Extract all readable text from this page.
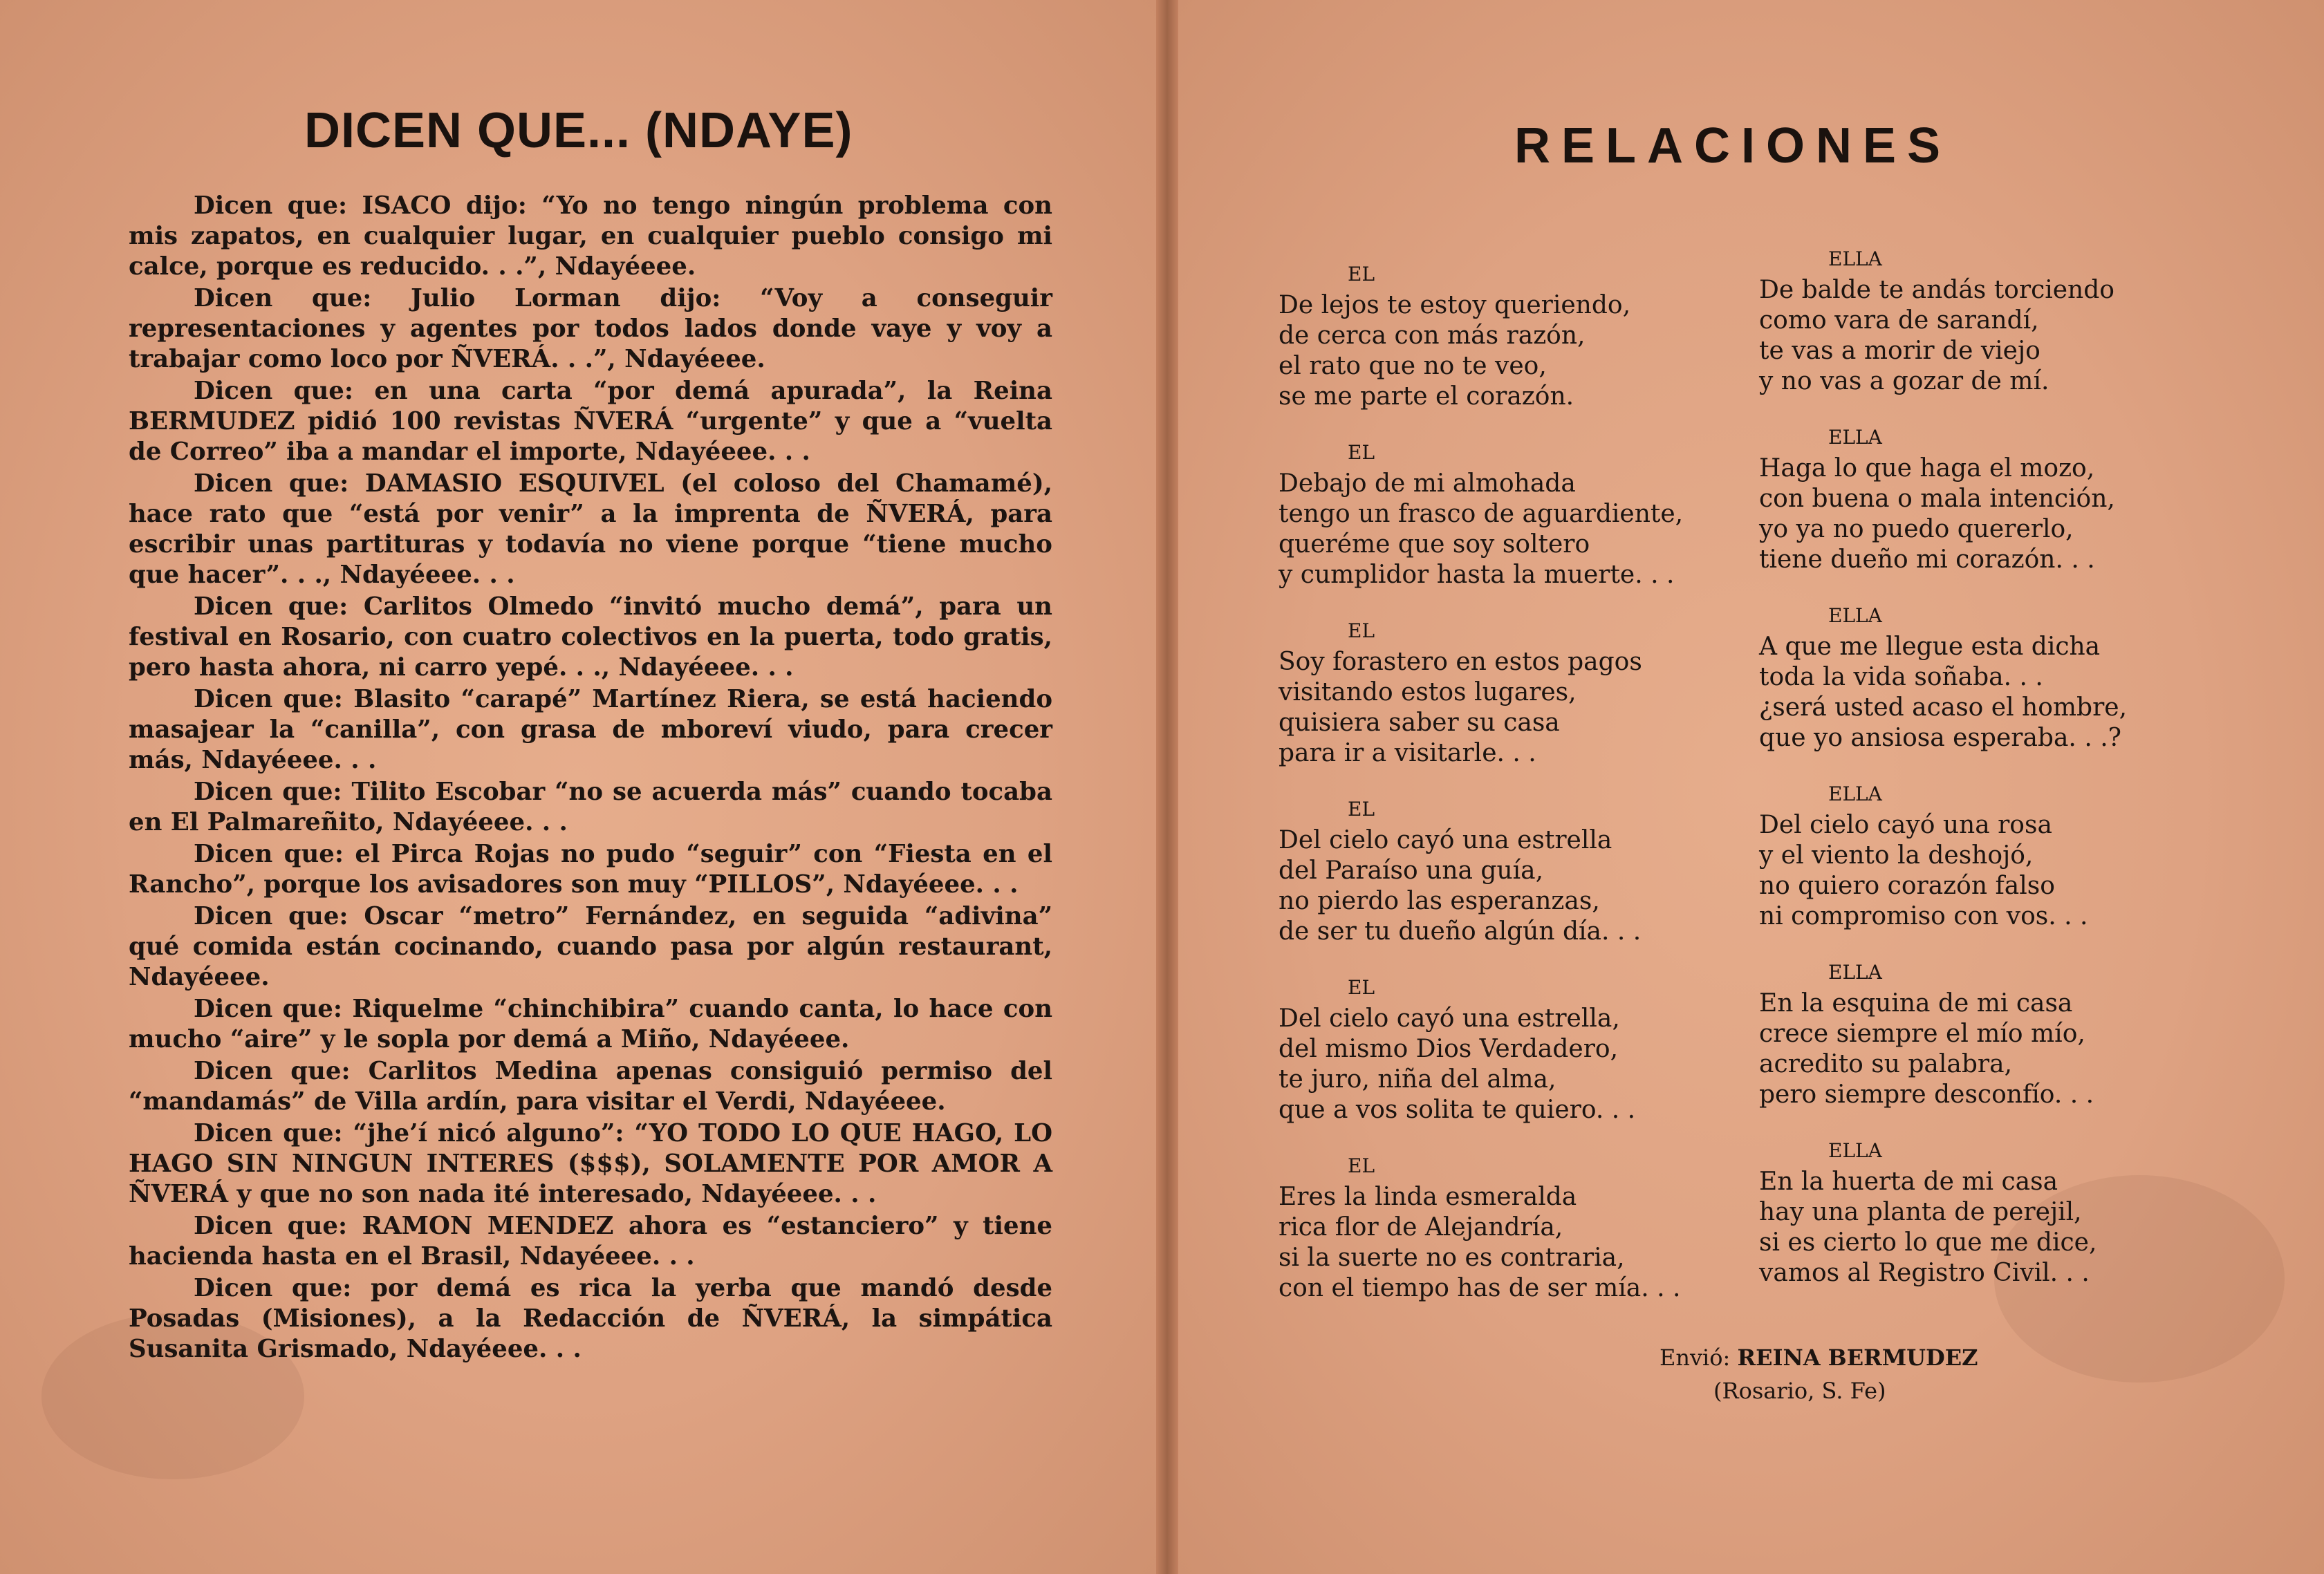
DICEN QUE... (NDAYE)

Dicen que: ISACO dijo: “Yo no tengo ningún problema con mis zapatos, en cualquier lugar, en cualquier pueblo consigo mi calce, porque es reducido. . .”, Ndayéeee.

Dicen que: Julio Lorman dijo: “Voy a conseguir representaciones y agentes por todos lados donde vaye y voy a trabajar como loco por ÑVERÁ. . .”, Ndayéeee.

Dicen que: en una carta “por demá apurada”, la Reina BERMUDEZ pidió 100 revistas ÑVERÁ “urgente” y que a “vuelta de Correo” iba a mandar el importe, Ndayéeee. . .

Dicen que: DAMASIO ESQUIVEL (el coloso del Chamamé), hace rato que “está por venir” a la imprenta de ÑVERÁ, para escribir unas partituras y todavía no viene porque “tiene mucho que hacer”. . ., Ndayéeee. . .

Dicen que: Carlitos Olmedo “invitó mucho demá”, para un festival en Rosario, con cuatro colectivos en la puerta, todo gratis, pero hasta ahora, ni carro yepé. . ., Ndayéeee. . .

Dicen que: Blasito “carapé” Martínez Riera, se está haciendo masajear la “canilla”, con grasa de mboreví viudo, para crecer más, Ndayéeee. . .

Dicen que: Tilito Escobar “no se acuerda más” cuando tocaba en El Palmareñito, Ndayéeee. . .

Dicen que: el Pirca Rojas no pudo “seguir” con “Fiesta en el Rancho”, porque los avisadores son muy “PILLOS”, Ndayéeee. . .

Dicen que: Oscar “metro” Fernández, en seguida “adivina” qué comida están cocinando, cuando pasa por algún restaurant, Ndayéeee.

Dicen que: Riquelme “chinchibira” cuando canta, lo hace con mucho “aire” y le sopla por demá a Miño, Ndayéeee.

Dicen que: Carlitos Medina apenas consiguió permiso del “mandamás” de Villa ardín, para visitar el Verdi, Ndayéeee.

Dicen que: “jhe’í nicó alguno”: “YO TODO LO QUE HAGO, LO HAGO SIN NINGUN INTERES ($$$), SOLAMENTE POR AMOR A ÑVERÁ y que no son nada ité interesado, Ndayéeee. . .

Dicen que: RAMON MENDEZ ahora es “estanciero” y tiene hacienda hasta en el Brasil, Ndayéeee. . .

Dicen que: por demá es rica la yerba que mandó desde Posadas (Misiones), a la Redacción de ÑVERÁ, la simpática Susanita Grismado, Ndayéeee. . .

RELACIONES

EL

De lejos te estoy queriendo,

de cerca con más razón,

el rato que no te veo,

se me parte el corazón.

EL

Debajo de mi almohada

tengo un frasco de aguardiente,

queréme que soy soltero

y cumplidor hasta la muerte. . .

EL

Soy forastero en estos pagos

visitando estos lugares,

quisiera saber su casa

para ir a visitarle. . .

EL

Del cielo cayó una estrella

del Paraíso una guía,

no pierdo las esperanzas,

de ser tu dueño algún día. . .

EL

Del cielo cayó una estrella,

del mismo Dios Verdadero,

te juro, niña del alma,

que a vos solita te quiero. . .

EL

Eres la linda esmeralda

rica flor de Alejandría,

si la suerte no es contraria,

con el tiempo has de ser mía. . .

ELLA

De balde te andás torciendo

como vara de sarandí,

te vas a morir de viejo

y no vas a gozar de mí.

ELLA

Haga lo que haga el mozo,

con buena o mala intención,

yo ya no puedo quererlo,

tiene dueño mi corazón. . .

ELLA

A que me llegue esta dicha

toda la vida soñaba. . .

¿será usted acaso el hombre,

que yo ansiosa esperaba. . .?

ELLA

Del cielo cayó una rosa

y el viento la deshojó,

no quiero corazón falso

ni compromiso con vos. . .

ELLA

En la esquina de mi casa

crece siempre el mío mío,

acredito su palabra,

pero siempre desconfío. . .

ELLA

En la huerta de mi casa

hay una planta de perejil,

si es cierto lo que me dice,

vamos al Registro Civil. . .

Envió: REINA BERMUDEZ
(Rosario, S. Fe)
